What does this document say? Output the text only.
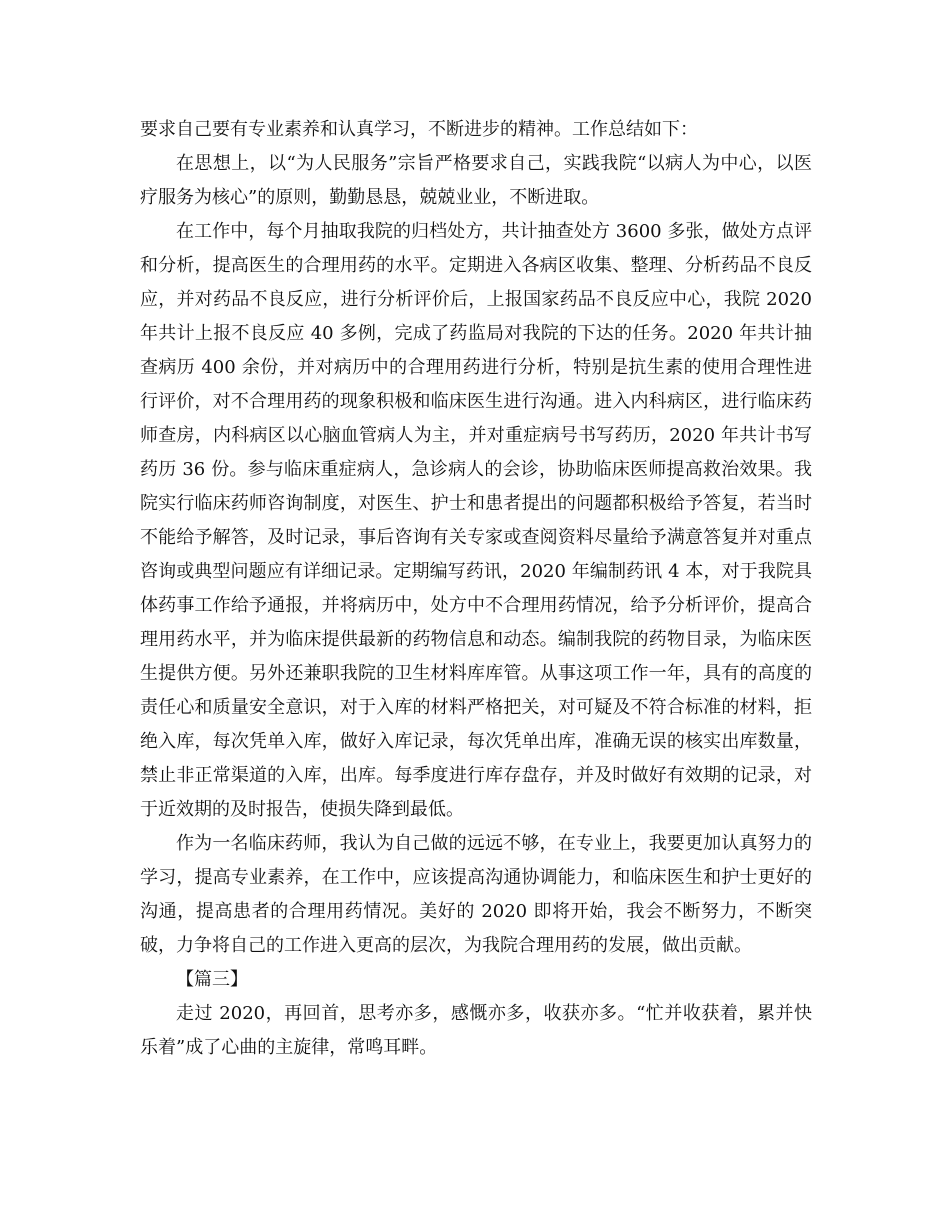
要求自己要有专业素养和认真学习，不断进步的精神。工作总结如下：

在思想上，以“为人民服务”宗旨严格要求自己，实践我院“以病人为中心，以医疗服务为核心”的原则，勤勤恳恳，兢兢业业，不断进取。

在工作中，每个月抽取我院的归档处方，共计抽查处方 3600 多张，做处方点评和分析，提高医生的合理用药的水平。定期进入各病区收集、整理、分析药品不良反应，并对药品不良反应，进行分析评价后，上报国家药品不良反应中心，我院 2020 年共计上报不良反应 40 多例，完成了药监局对我院的下达的任务。2020 年共计抽查病历 400 余份，并对病历中的合理用药进行分析，特别是抗生素的使用合理性进行评价，对不合理用药的现象积极和临床医生进行沟通。进入内科病区，进行临床药师查房，内科病区以心脑血管病人为主，并对重症病号书写药历，2020 年共计书写药历 36 份。参与临床重症病人，急诊病人的会诊，协助临床医师提高救治效果。我院实行临床药师咨询制度，对医生、护士和患者提出的问题都积极给予答复，若当时不能给予解答，及时记录，事后咨询有关专家或查阅资料尽量给予满意答复并对重点咨询或典型问题应有详细记录。定期编写药讯，2020 年编制药讯 4 本，对于我院具体药事工作给予通报，并将病历中，处方中不合理用药情况，给予分析评价，提高合理用药水平，并为临床提供最新的药物信息和动态。编制我院的药物目录，为临床医生提供方便。另外还兼职我院的卫生材料库库管。从事这项工作一年，具有的高度的责任心和质量安全意识，对于入库的材料严格把关，对可疑及不符合标准的材料，拒绝入库，每次凭单入库，做好入库记录，每次凭单出库，准确无误的核实出库数量，禁止非正常渠道的入库，出库。每季度进行库存盘存，并及时做好有效期的记录，对于近效期的及时报告，使损失降到最低。

作为一名临床药师，我认为自己做的远远不够，在专业上，我要更加认真努力的学习，提高专业素养，在工作中，应该提高沟通协调能力，和临床医生和护士更好的沟通，提高患者的合理用药情况。美好的 2020 即将开始，我会不断努力，不断突破，力争将自己的工作进入更高的层次，为我院合理用药的发展，做出贡献。

【篇三】

走过 2020，再回首，思考亦多，感慨亦多，收获亦多。“忙并收获着，累并快乐着”成了心曲的主旋律，常鸣耳畔。
